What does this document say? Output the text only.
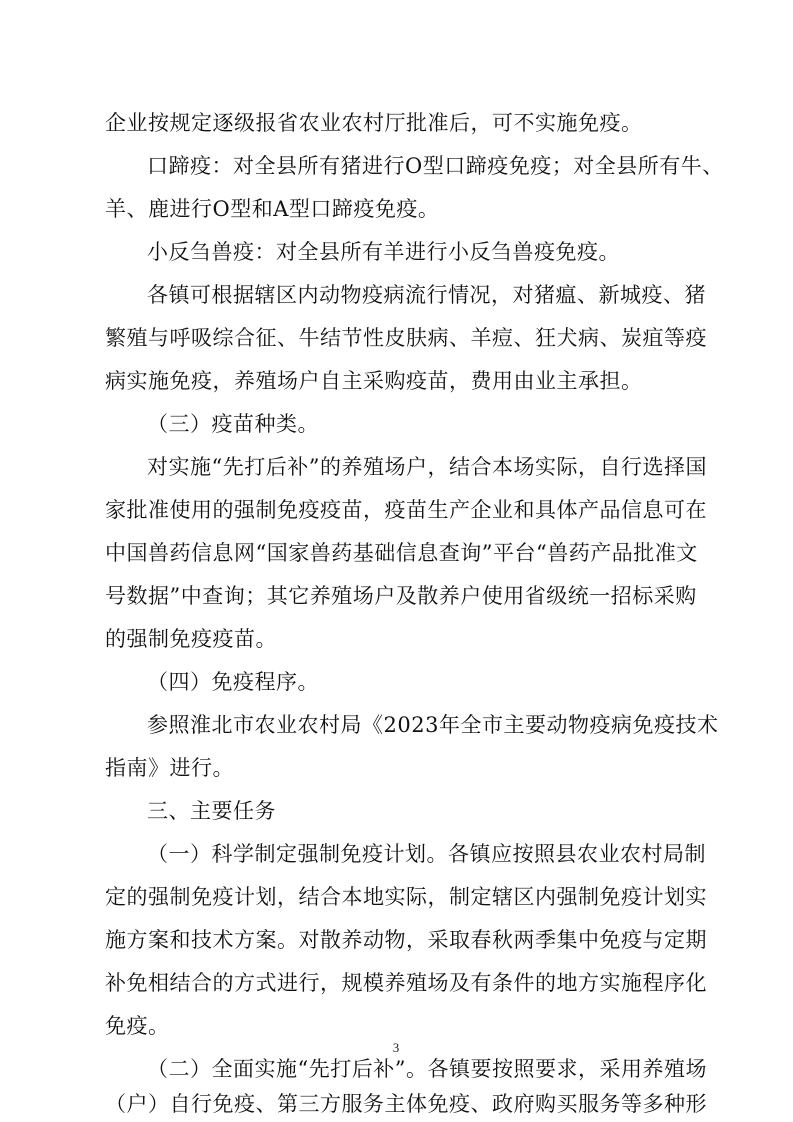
企业按规定逐级报省农业农村厅批准后，可不实施免疫。
口蹄疫：对全县所有猪进行O型口蹄疫免疫；对全县所有牛、
羊、鹿进行O型和A型口蹄疫免疫。
小反刍兽疫：对全县所有羊进行小反刍兽疫免疫。
各镇可根据辖区内动物疫病流行情况，对猪瘟、新城疫、猪
繁殖与呼吸综合征、牛结节性皮肤病、羊痘、狂犬病、炭疽等疫
病实施免疫，养殖场户自主采购疫苗，费用由业主承担。
（三）疫苗种类。
对实施“先打后补”的养殖场户，结合本场实际，自行选择国
家批准使用的强制免疫疫苗，疫苗生产企业和具体产品信息可在
中国兽药信息网“国家兽药基础信息查询”平台“兽药产品批准文
号数据”中查询；其它养殖场户及散养户使用省级统一招标采购
的强制免疫疫苗。
（四）免疫程序。
参照淮北市农业农村局《2023年全市主要动物疫病免疫技术
指南》进行。
三、主要任务
（一）科学制定强制免疫计划。各镇应按照县农业农村局制
定的强制免疫计划，结合本地实际，制定辖区内强制免疫计划实
施方案和技术方案。对散养动物，采取春秋两季集中免疫与定期
补免相结合的方式进行，规模养殖场及有条件的地方实施程序化
免疫。
（二）全面实施“先打后补”。各镇要按照要求，采用养殖场
（户）自行免疫、第三方服务主体免疫、政府购买服务等多种形
3
